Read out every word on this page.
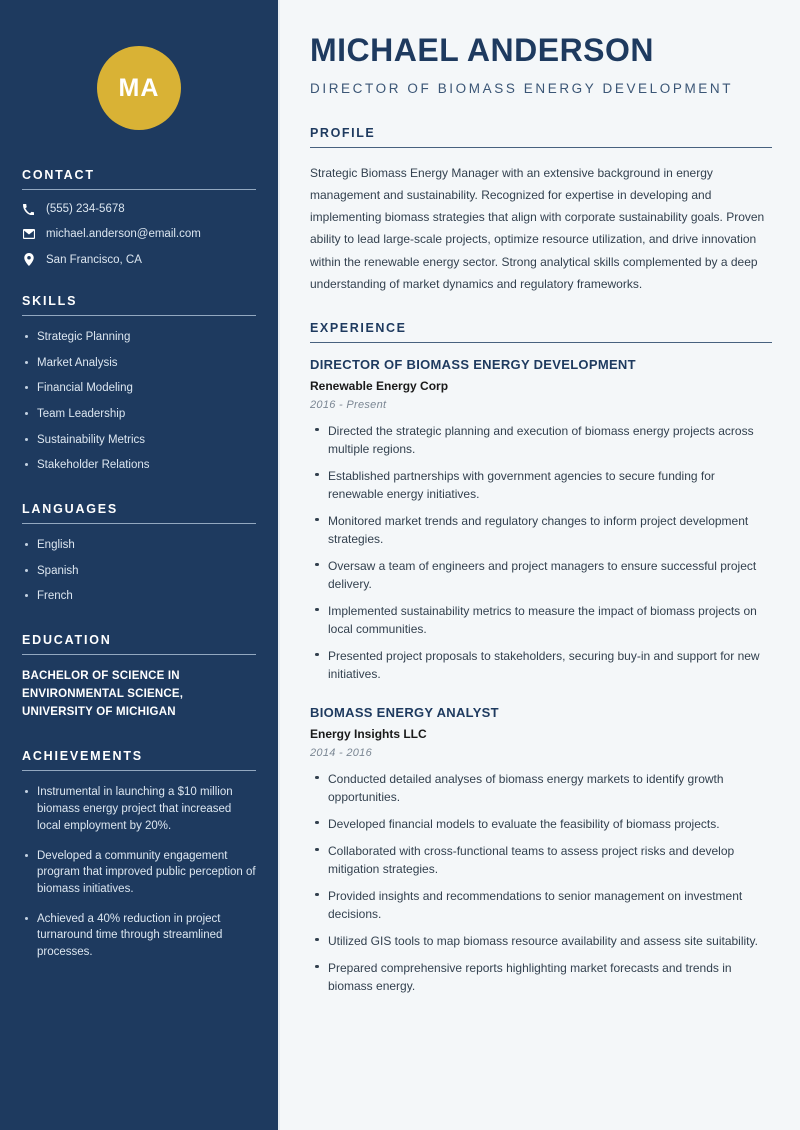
MA
CONTACT
(555) 234-5678
michael.anderson@email.com
San Francisco, CA
SKILLS
Strategic Planning
Market Analysis
Financial Modeling
Team Leadership
Sustainability Metrics
Stakeholder Relations
LANGUAGES
English
Spanish
French
EDUCATION
BACHELOR OF SCIENCE IN ENVIRONMENTAL SCIENCE, UNIVERSITY OF MICHIGAN
ACHIEVEMENTS
Instrumental in launching a $10 million biomass energy project that increased local employment by 20%.
Developed a community engagement program that improved public perception of biomass initiatives.
Achieved a 40% reduction in project turnaround time through streamlined processes.
MICHAEL ANDERSON
DIRECTOR OF BIOMASS ENERGY DEVELOPMENT
PROFILE

Strategic Biomass Energy Manager with an extensive background in energy management and sustainability. Recognized for expertise in developing and implementing biomass strategies that align with corporate sustainability goals. Proven ability to lead large-scale projects, optimize resource utilization, and drive innovation within the renewable energy sector. Strong analytical skills complemented by a deep understanding of market dynamics and regulatory frameworks.

EXPERIENCE
DIRECTOR OF BIOMASS ENERGY DEVELOPMENT
Renewable Energy Corp
2016 - Present
Directed the strategic planning and execution of biomass energy projects across multiple regions.
Established partnerships with government agencies to secure funding for renewable energy initiatives.
Monitored market trends and regulatory changes to inform project development strategies.
Oversaw a team of engineers and project managers to ensure successful project delivery.
Implemented sustainability metrics to measure the impact of biomass projects on local communities.
Presented project proposals to stakeholders, securing buy-in and support for new initiatives.
BIOMASS ENERGY ANALYST
Energy Insights LLC
2014 - 2016
Conducted detailed analyses of biomass energy markets to identify growth opportunities.
Developed financial models to evaluate the feasibility of biomass projects.
Collaborated with cross-functional teams to assess project risks and develop mitigation strategies.
Provided insights and recommendations to senior management on investment decisions.
Utilized GIS tools to map biomass resource availability and assess site suitability.
Prepared comprehensive reports highlighting market forecasts and trends in biomass energy.
